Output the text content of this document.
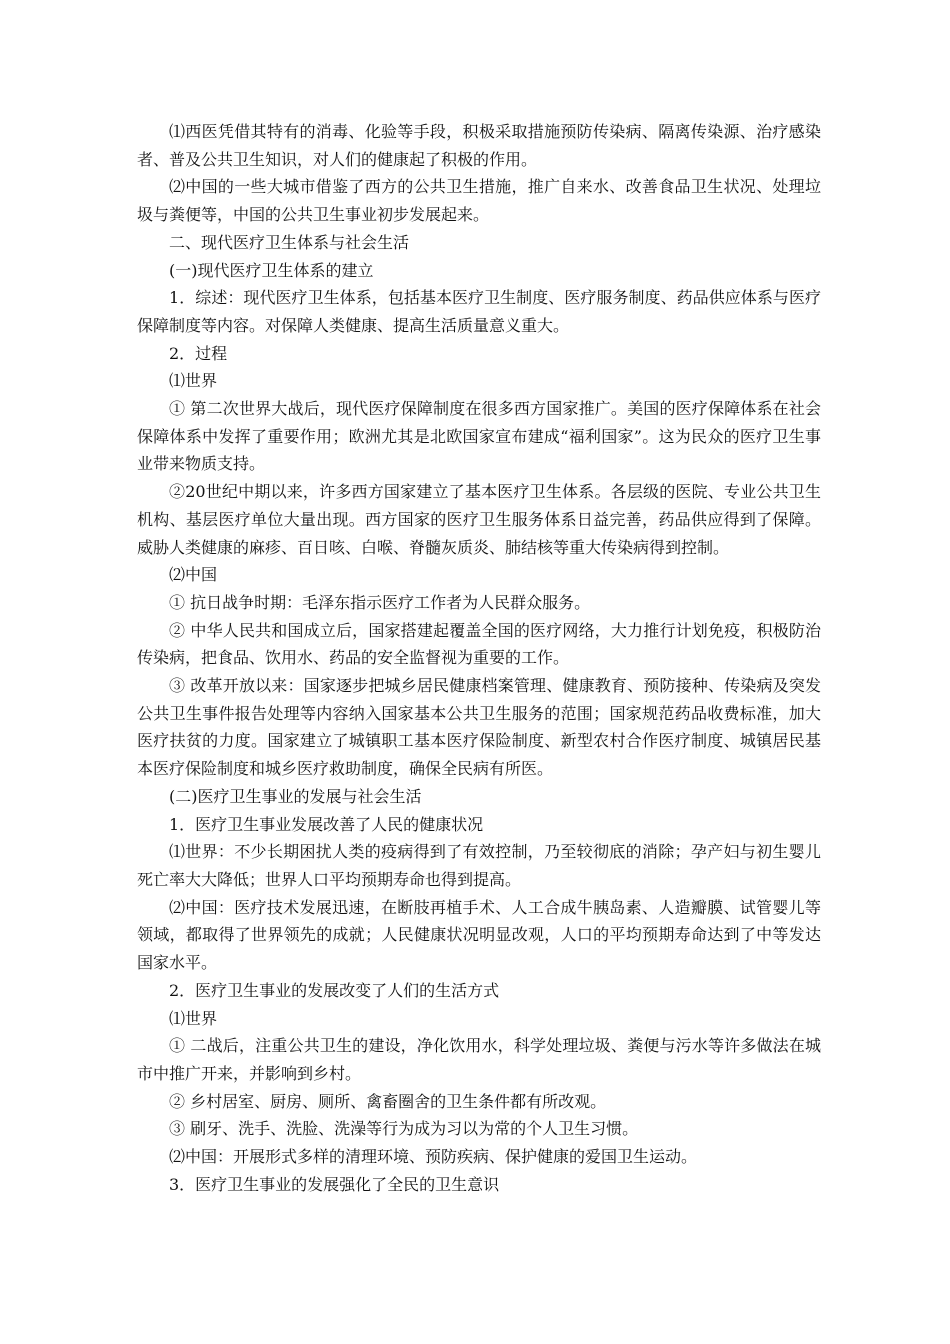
⑴西医凭借其特有的消毒、化验等手段，积极采取措施预防传染病、隔离传染源、治疗感染者、普及公共卫生知识，对人们的健康起了积极的作用。

⑵中国的一些大城市借鉴了西方的公共卫生措施，推广自来水、改善食品卫生状况、处理垃圾与粪便等，中国的公共卫生事业初步发展起来。

二、现代医疗卫生体系与社会生活

(一)现代医疗卫生体系的建立

1．综述：现代医疗卫生体系，包括基本医疗卫生制度、医疗服务制度、药品供应体系与医疗保障制度等内容。对保障人类健康、提高生活质量意义重大。

2．过程

⑴世界

① 第二次世界大战后，现代医疗保障制度在很多西方国家推广。美国的医疗保障体系在社会保障体系中发挥了重要作用；欧洲尤其是北欧国家宣布建成“福利国家”。这为民众的医疗卫生事业带来物质支持。

②20世纪中期以来，许多西方国家建立了基本医疗卫生体系。各层级的医院、专业公共卫生机构、基层医疗单位大量出现。西方国家的医疗卫生服务体系日益完善，药品供应得到了保障。威胁人类健康的麻疹、百日咳、白喉、脊髓灰质炎、肺结核等重大传染病得到控制。

⑵中国

① 抗日战争时期：毛泽东指示医疗工作者为人民群众服务。

② 中华人民共和国成立后，国家搭建起覆盖全国的医疗网络，大力推行计划免疫，积极防治传染病，把食品、饮用水、药品的安全监督视为重要的工作。

③ 改革开放以来：国家逐步把城乡居民健康档案管理、健康教育、预防接种、传染病及突发公共卫生事件报告处理等内容纳入国家基本公共卫生服务的范围；国家规范药品收费标准，加大医疗扶贫的力度。国家建立了城镇职工基本医疗保险制度、新型农村合作医疗制度、城镇居民基本医疗保险制度和城乡医疗救助制度，确保全民病有所医。

(二)医疗卫生事业的发展与社会生活

1．医疗卫生事业发展改善了人民的健康状况

⑴世界：不少长期困扰人类的疫病得到了有效控制，乃至较彻底的消除；孕产妇与初生婴儿死亡率大大降低；世界人口平均预期寿命也得到提高。

⑵中国：医疗技术发展迅速，在断肢再植手术、人工合成牛胰岛素、人造瓣膜、试管婴儿等领域，都取得了世界领先的成就；人民健康状况明显改观，人口的平均预期寿命达到了中等发达国家水平。

2．医疗卫生事业的发展改变了人们的生活方式

⑴世界

① 二战后，注重公共卫生的建设，净化饮用水，科学处理垃圾、粪便与污水等许多做法在城市中推广开来，并影响到乡村。

② 乡村居室、厨房、厕所、禽畜圈舍的卫生条件都有所改观。

③ 刷牙、洗手、洗脸、洗澡等行为成为习以为常的个人卫生习惯。

⑵中国：开展形式多样的清理环境、预防疾病、保护健康的爱国卫生运动。

3．医疗卫生事业的发展强化了全民的卫生意识
